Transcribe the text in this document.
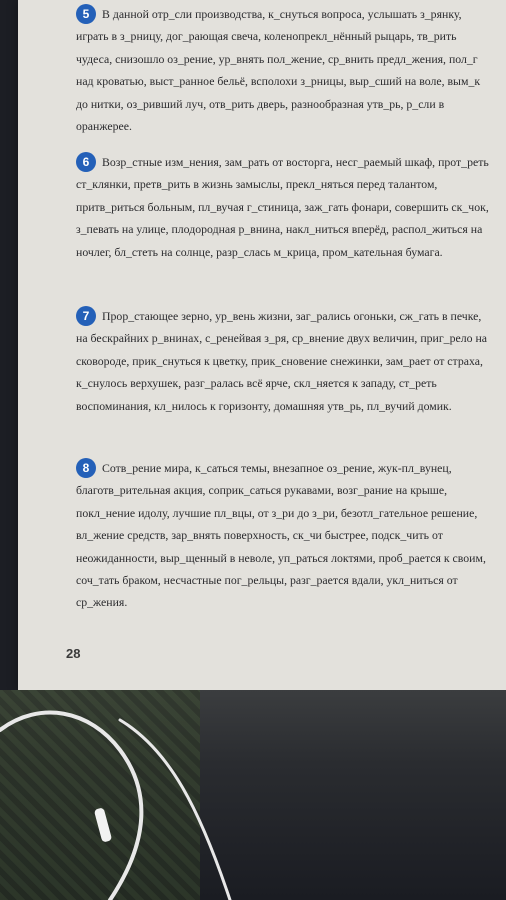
5	В данной отр_сли производства, к_снуться вопроса, услышать з_рянку, играть в з_рницу, дог_рающая свеча, коленопрекл_нённый рыцарь, тв_рить чудеса, снизошло оз_рение, ур_внять пол_жение, ср_внить предл_жения, пол_г над кроватью, выст_ранное бельё, всполохи з_рницы, выр_сший на воле, вым_к до нитки, оз_ривший луч, отв_рить дверь, разнообразная утв_рь, р_сли в оранжерее.

6	Возр_стные изм_нения, зам_рать от восторга, несг_раемый шкаф, прот_реть ст_клянки, претв_рить в жизнь замыслы, прекл_няться перед талантом, притв_риться больным, пл_вучая г_стиница, заж_гать фонари, совершить ск_чок, з_певать на улице, плодородная р_внина, накл_ниться вперёд, распол_житься на ночлег, бл_стеть на солнце, разр_слась м_крица, пром_кательная бумага.

7	Прор_стающее зерно, ур_вень жизни, заг_рались огоньки, сж_гать в печке, на бескрайних р_внинах, с_ренейвая з_ря, ср_внение двух величин, приг_рело на сковороде, прик_снуться к цветку, прик_сновение снежинки, зам_рает от страха, к_снулось верхушек, разг_ралась всё ярче, скл_няется к западу, ст_реть воспоминания, кл_нилось к горизонту, домашняя утв_рь, пл_вучий домик.

8	Сотв_рение мира, к_саться темы, внезапное оз_рение, жук-пл_вунец, благотв_рительная акция, соприк_саться рукавами, возг_рание на крыше, покл_нение идолу, лучшие пл_вцы, от з_ри до з_ри, безотл_гательное решение, вл_жение средств, зар_внять поверхность, ск_чи быстрее, подск_чить от неожиданности, выр_щенный в неволе, уп_раться локтями, проб_рается к своим, соч_тать браком, несчастные пог_рельцы, разг_рается вдали, укл_ниться от ср_жения.

28
